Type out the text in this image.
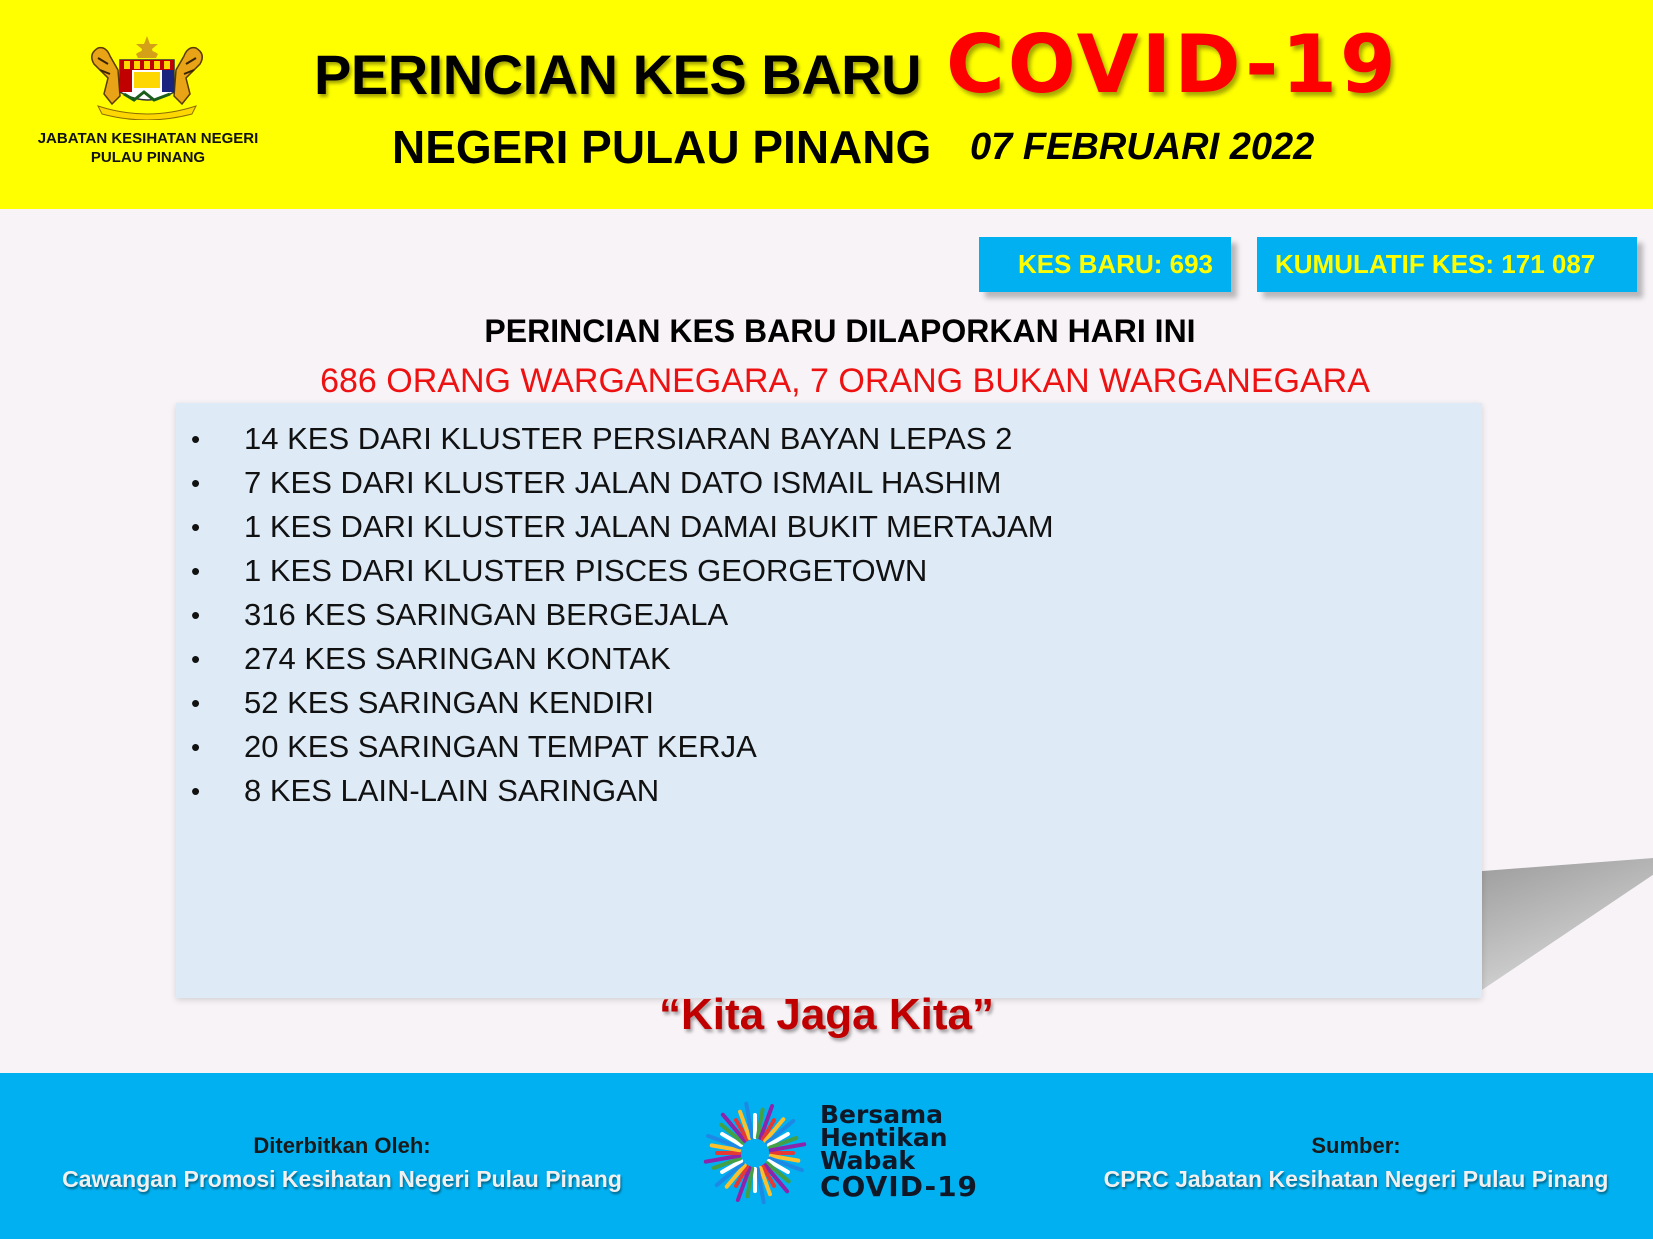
JABATAN KESIHATAN NEGERI
PULAU PINANG
PERINCIAN KES BARU COVID-19
NEGERI PULAU PINANG 07 FEBRUARI 2022
KES BARU: 693	KUMULATIF KES: 171 087
PERINCIAN KES BARU DILAPORKAN HARI INI
686 ORANG WARGANEGARA, 7 ORANG BUKAN WARGANEGARA
• 14 KES DARI KLUSTER PERSIARAN BAYAN LEPAS 2
• 7 KES DARI KLUSTER JALAN DATO ISMAIL HASHIM
• 1 KES DARI KLUSTER JALAN DAMAI BUKIT MERTAJAM
• 1 KES DARI KLUSTER PISCES GEORGETOWN
• 316 KES SARINGAN BERGEJALA
• 274 KES SARINGAN KONTAK
• 52 KES SARINGAN KENDIRI
• 20 KES SARINGAN TEMPAT KERJA
• 8 KES LAIN-LAIN SARINGAN
“Kita Jaga Kita”
Diterbitkan Oleh:
Cawangan Promosi Kesihatan Negeri Pulau Pinang
Bersama
Hentikan
Wabak
COVID-19
Sumber:
CPRC Jabatan Kesihatan Negeri Pulau Pinang
